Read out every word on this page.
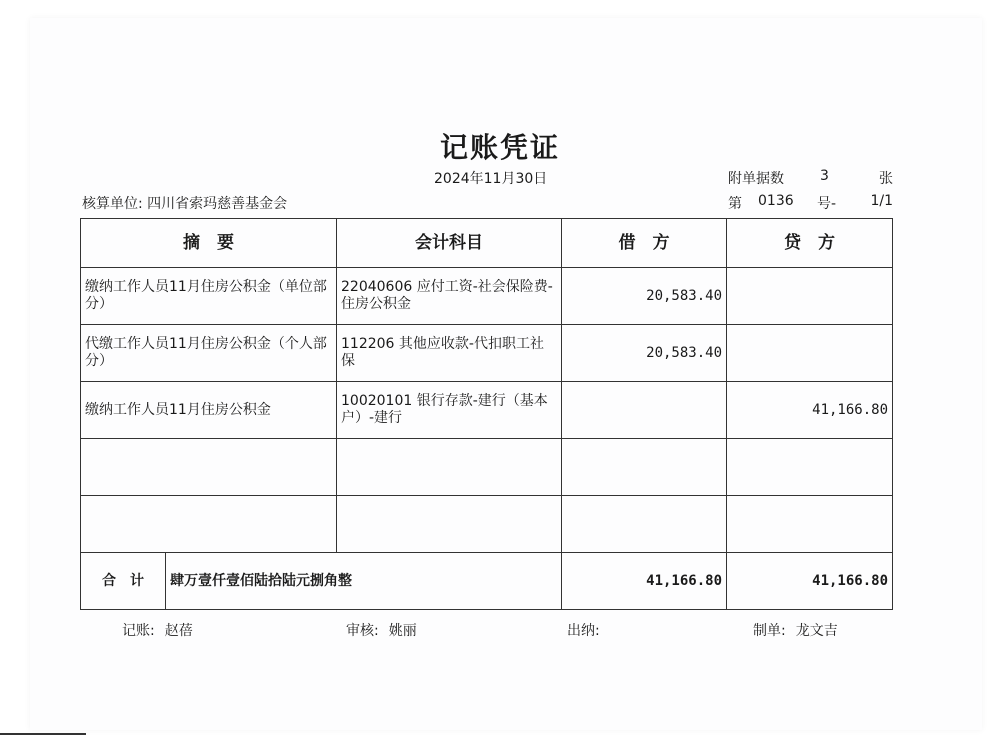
记账凭证
2024年11月30日	附单据数	3	张
核算单位: 四川省索玛慈善基金会	第 0136 号- 1/1
摘　要		会计科目	借　方	贷　方
缴纳工作人员11月住房公积金（单位部分）		22040606 应付工资-社会保险费-住房公积金	20,583.40	
代缴工作人员11月住房公积金（个人部分）		112206 其他应收款-代扣职工社保	20,583.40	
缴纳工作人员11月住房公积金		10020101 银行存款-建行（基本户）-建行		41,166.80

合　计	肆万壹仟壹佰陆拾陆元捌角整		41,166.80	41,166.80
记账: 赵蓓	审核: 姚丽	出纳:	制单: 龙文吉
